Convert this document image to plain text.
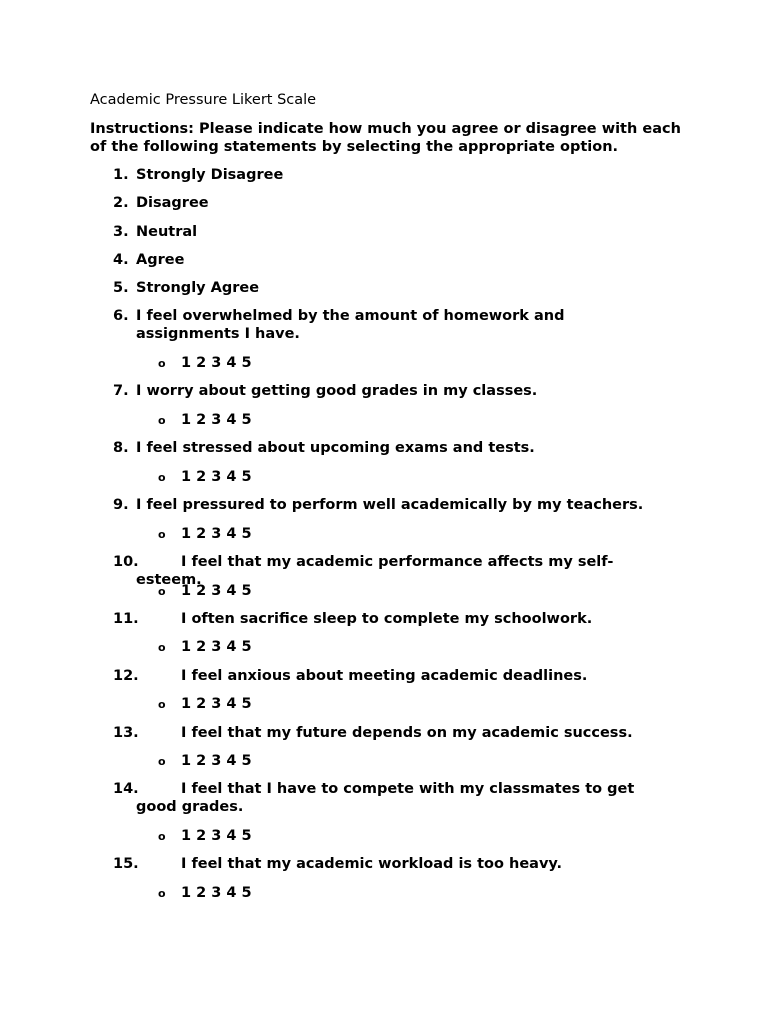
Academic Pressure Likert Scale
Instructions: Please indicate how much you agree or disagree with each of the following statements by selecting the appropriate option.
1. Strongly Disagree
2. Disagree
3. Neutral
4. Agree
5. Strongly Agree
6. I feel overwhelmed by the amount of homework and assignments I have.
o 1 2 3 4 5
7. I worry about getting good grades in my classes.
o 1 2 3 4 5
8. I feel stressed about upcoming exams and tests.
o 1 2 3 4 5
9. I feel pressured to perform well academically by my teachers.
o 1 2 3 4 5
10.	I feel that my academic performance affects my self-esteem.
o 1 2 3 4 5
11.	I often sacrifice sleep to complete my schoolwork.
o 1 2 3 4 5
12.	I feel anxious about meeting academic deadlines.
o 1 2 3 4 5
13.	I feel that my future depends on my academic success.
o 1 2 3 4 5
14.	I feel that I have to compete with my classmates to get good grades.
o 1 2 3 4 5
15.	I feel that my academic workload is too heavy.
o 1 2 3 4 5
